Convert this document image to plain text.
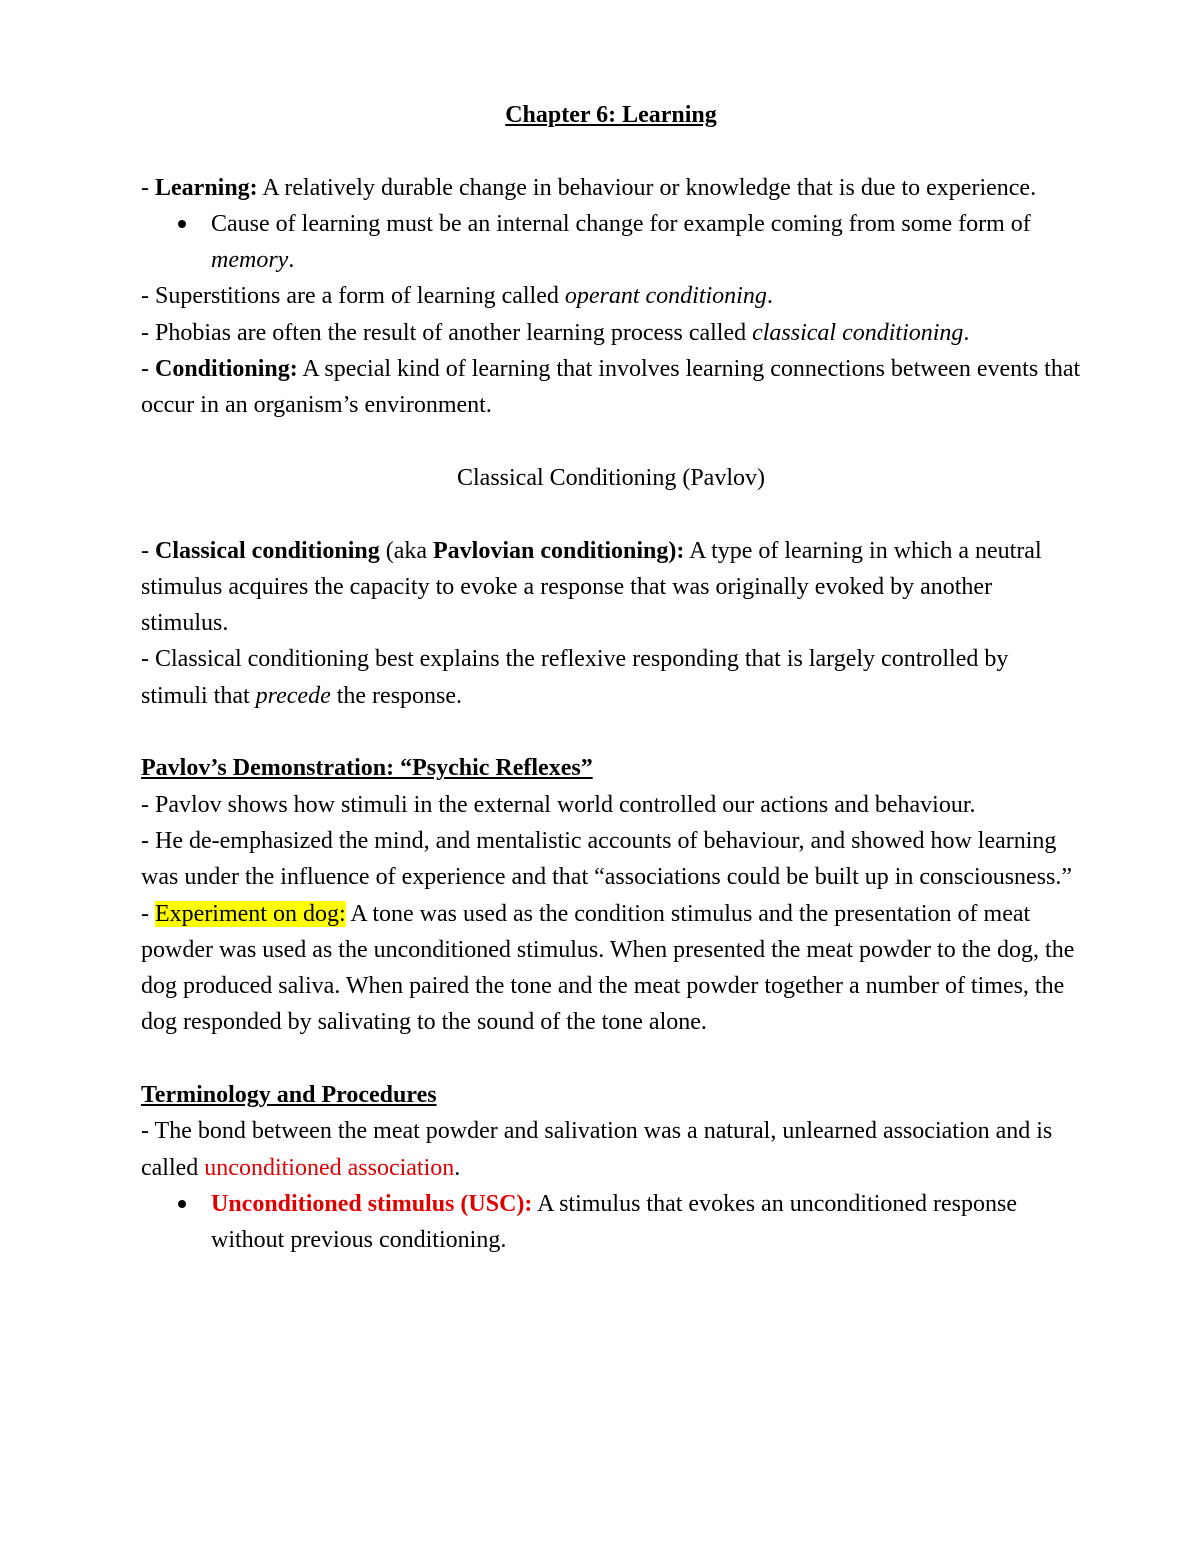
Chapter 6: Learning

- Learning: A relatively durable change in behaviour or knowledge that is due to experience.

Cause of learning must be an internal change for example coming from some form of memory.

- Superstitions are a form of learning called operant conditioning.

- Phobias are often the result of another learning process called classical conditioning.

- Conditioning: A special kind of learning that involves learning connections between events that occur in an organism’s environment.

Classical Conditioning (Pavlov)

- Classical conditioning (aka Pavlovian conditioning): A type of learning in which a neutral stimulus acquires the capacity to evoke a response that was originally evoked by another stimulus.

- Classical conditioning best explains the reflexive responding that is largely controlled by stimuli that precede the response.

Pavlov’s Demonstration: “Psychic Reflexes”

- Pavlov shows how stimuli in the external world controlled our actions and behaviour.

- He de-emphasized the mind, and mentalistic accounts of behaviour, and showed how learning was under the influence of experience and that “associations could be built up in consciousness.”

- Experiment on dog: A tone was used as the condition stimulus and the presentation of meat powder was used as the unconditioned stimulus. When presented the meat powder to the dog, the dog produced saliva. When paired the tone and the meat powder together a number of times, the dog responded by salivating to the sound of the tone alone.

Terminology and Procedures

- The bond between the meat powder and salivation was a natural, unlearned association and is called unconditioned association.

Unconditioned stimulus (USC): A stimulus that evokes an unconditioned response without previous conditioning.
